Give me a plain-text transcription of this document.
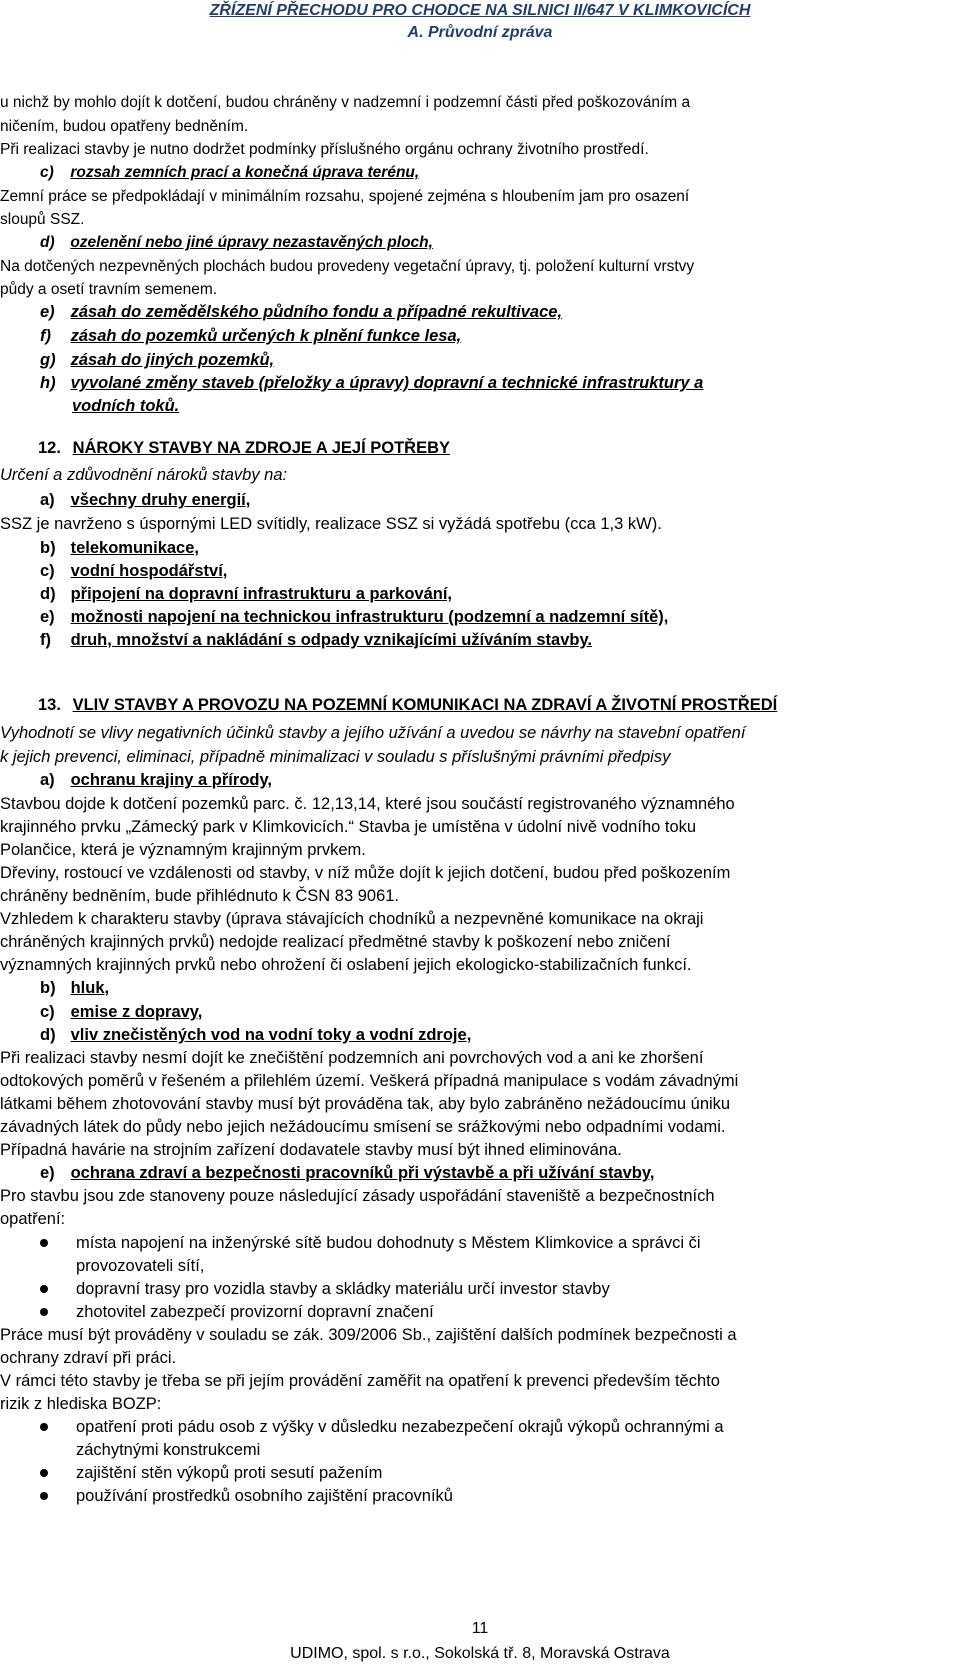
ZŘÍZENÍ PŘECHODU PRO CHODCE NA SILNICI II/647 V KLIMKOVICÍCH
A. Průvodní zpráva
u nichž by mohlo dojít k dotčení, budou chráněny v nadzemní i podzemní části před poškozováním a
ničením, budou opatřeny bedněním.
Při realizaci stavby je nutno dodržet podmínky příslušného orgánu ochrany životního prostředí.
c) rozsah zemních prací a konečná úprava terénu,
Zemní práce se předpokládají v minimálním rozsahu, spojené zejména s hloubením jam pro osazení
sloupů SSZ.
d) ozelenění nebo jiné úpravy nezastavěných ploch,
Na dotčených nezpevněných plochách budou provedeny vegetační úpravy, tj. položení kulturní vrstvy
půdy a osetí travním semenem.
e) zásah do zemědělského půdního fondu a případné rekultivace,
f) zásah do pozemků určených k plnění funkce lesa,
g) zásah do jiných pozemků,
h) vyvolané změny staveb (přeložky a úpravy) dopravní a technické infrastruktury a
vodních toků.
12. NÁROKY STAVBY NA ZDROJE A JEJÍ POTŘEBY
Určení a zdůvodnění nároků stavby na:
a) všechny druhy energií,
SSZ je navrženo s úspornými LED svítidly, realizace SSZ si vyžádá spotřebu (cca 1,3 kW).
b) telekomunikace,
c) vodní hospodářství,
d) připojení na dopravní infrastrukturu a parkování,
e) možnosti napojení na technickou infrastrukturu (podzemní a nadzemní sítě),
f) druh, množství a nakládání s odpady vznikajícími užíváním stavby.
13. VLIV STAVBY A PROVOZU NA POZEMNÍ KOMUNIKACI NA ZDRAVÍ A ŽIVOTNÍ PROSTŘEDÍ
Vyhodnotí se vlivy negativních účinků stavby a jejího užívání a uvedou se návrhy na stavební opatření
k jejich prevenci, eliminaci, případně minimalizaci v souladu s příslušnými právními předpisy
a) ochranu krajiny a přírody,
Stavbou dojde k dotčení pozemků parc. č. 12,13,14, které jsou součástí registrovaného významného
krajinného prvku „Zámecký park v Klimkovicích.“ Stavba je umístěna v údolní nivě vodního toku
Polančice, která je významným krajinným prvkem.
Dřeviny, rostoucí ve vzdálenosti od stavby, v níž může dojít k jejich dotčení, budou před poškozením
chráněny bedněním, bude přihlédnuto k ČSN 83 9061.
Vzhledem k charakteru stavby (úprava stávajících chodníků a nezpevněné komunikace na okraji
chráněných krajinných prvků) nedojde realizací předmětné stavby k poškození nebo zničení
významných krajinných prvků nebo ohrožení či oslabení jejich ekologicko-stabilizačních funkcí.
b) hluk,
c) emise z dopravy,
d) vliv znečistěných vod na vodní toky a vodní zdroje,
Při realizaci stavby nesmí dojít ke znečištění podzemních ani povrchových vod a ani ke zhoršení
odtokových poměrů v řešeném a přilehlém území. Veškerá případná manipulace s vodám závadnými
látkami během zhotovování stavby musí být prováděna tak, aby bylo zabráněno nežádoucímu úniku
závadných látek do půdy nebo jejich nežádoucímu smísení se srážkovými nebo odpadními vodami.
Případná havárie na strojním zařízení dodavatele stavby musí být ihned eliminována.
e) ochrana zdraví a bezpečnosti pracovníků při výstavbě a při užívání stavby,
Pro stavbu jsou zde stanoveny pouze následující zásady uspořádání staveniště a bezpečnostních
opatření:
místa napojení na inženýrské sítě budou dohodnuty s Městem Klimkovice a správci či
provozovateli sítí,
dopravní trasy pro vozidla stavby a skládky materiálu určí investor stavby
zhotovitel zabezpečí provizorní dopravní značení
Práce musí být prováděny v souladu se zák. 309/2006 Sb., zajištění dalších podmínek bezpečnosti a
ochrany zdraví při práci.
V rámci této stavby je třeba se při jejím provádění zaměřit na opatření k prevenci především těchto
rizik z hlediska BOZP:
opatření proti pádu osob z výšky v důsledku nezabezpečení okrajů výkopů ochrannými a
záchytnými konstrukcemi
zajištění stěn výkopů proti sesutí pažením
používání prostředků osobního zajištění pracovníků
11
UDIMO, spol. s r.o., Sokolská tř. 8, Moravská Ostrava
